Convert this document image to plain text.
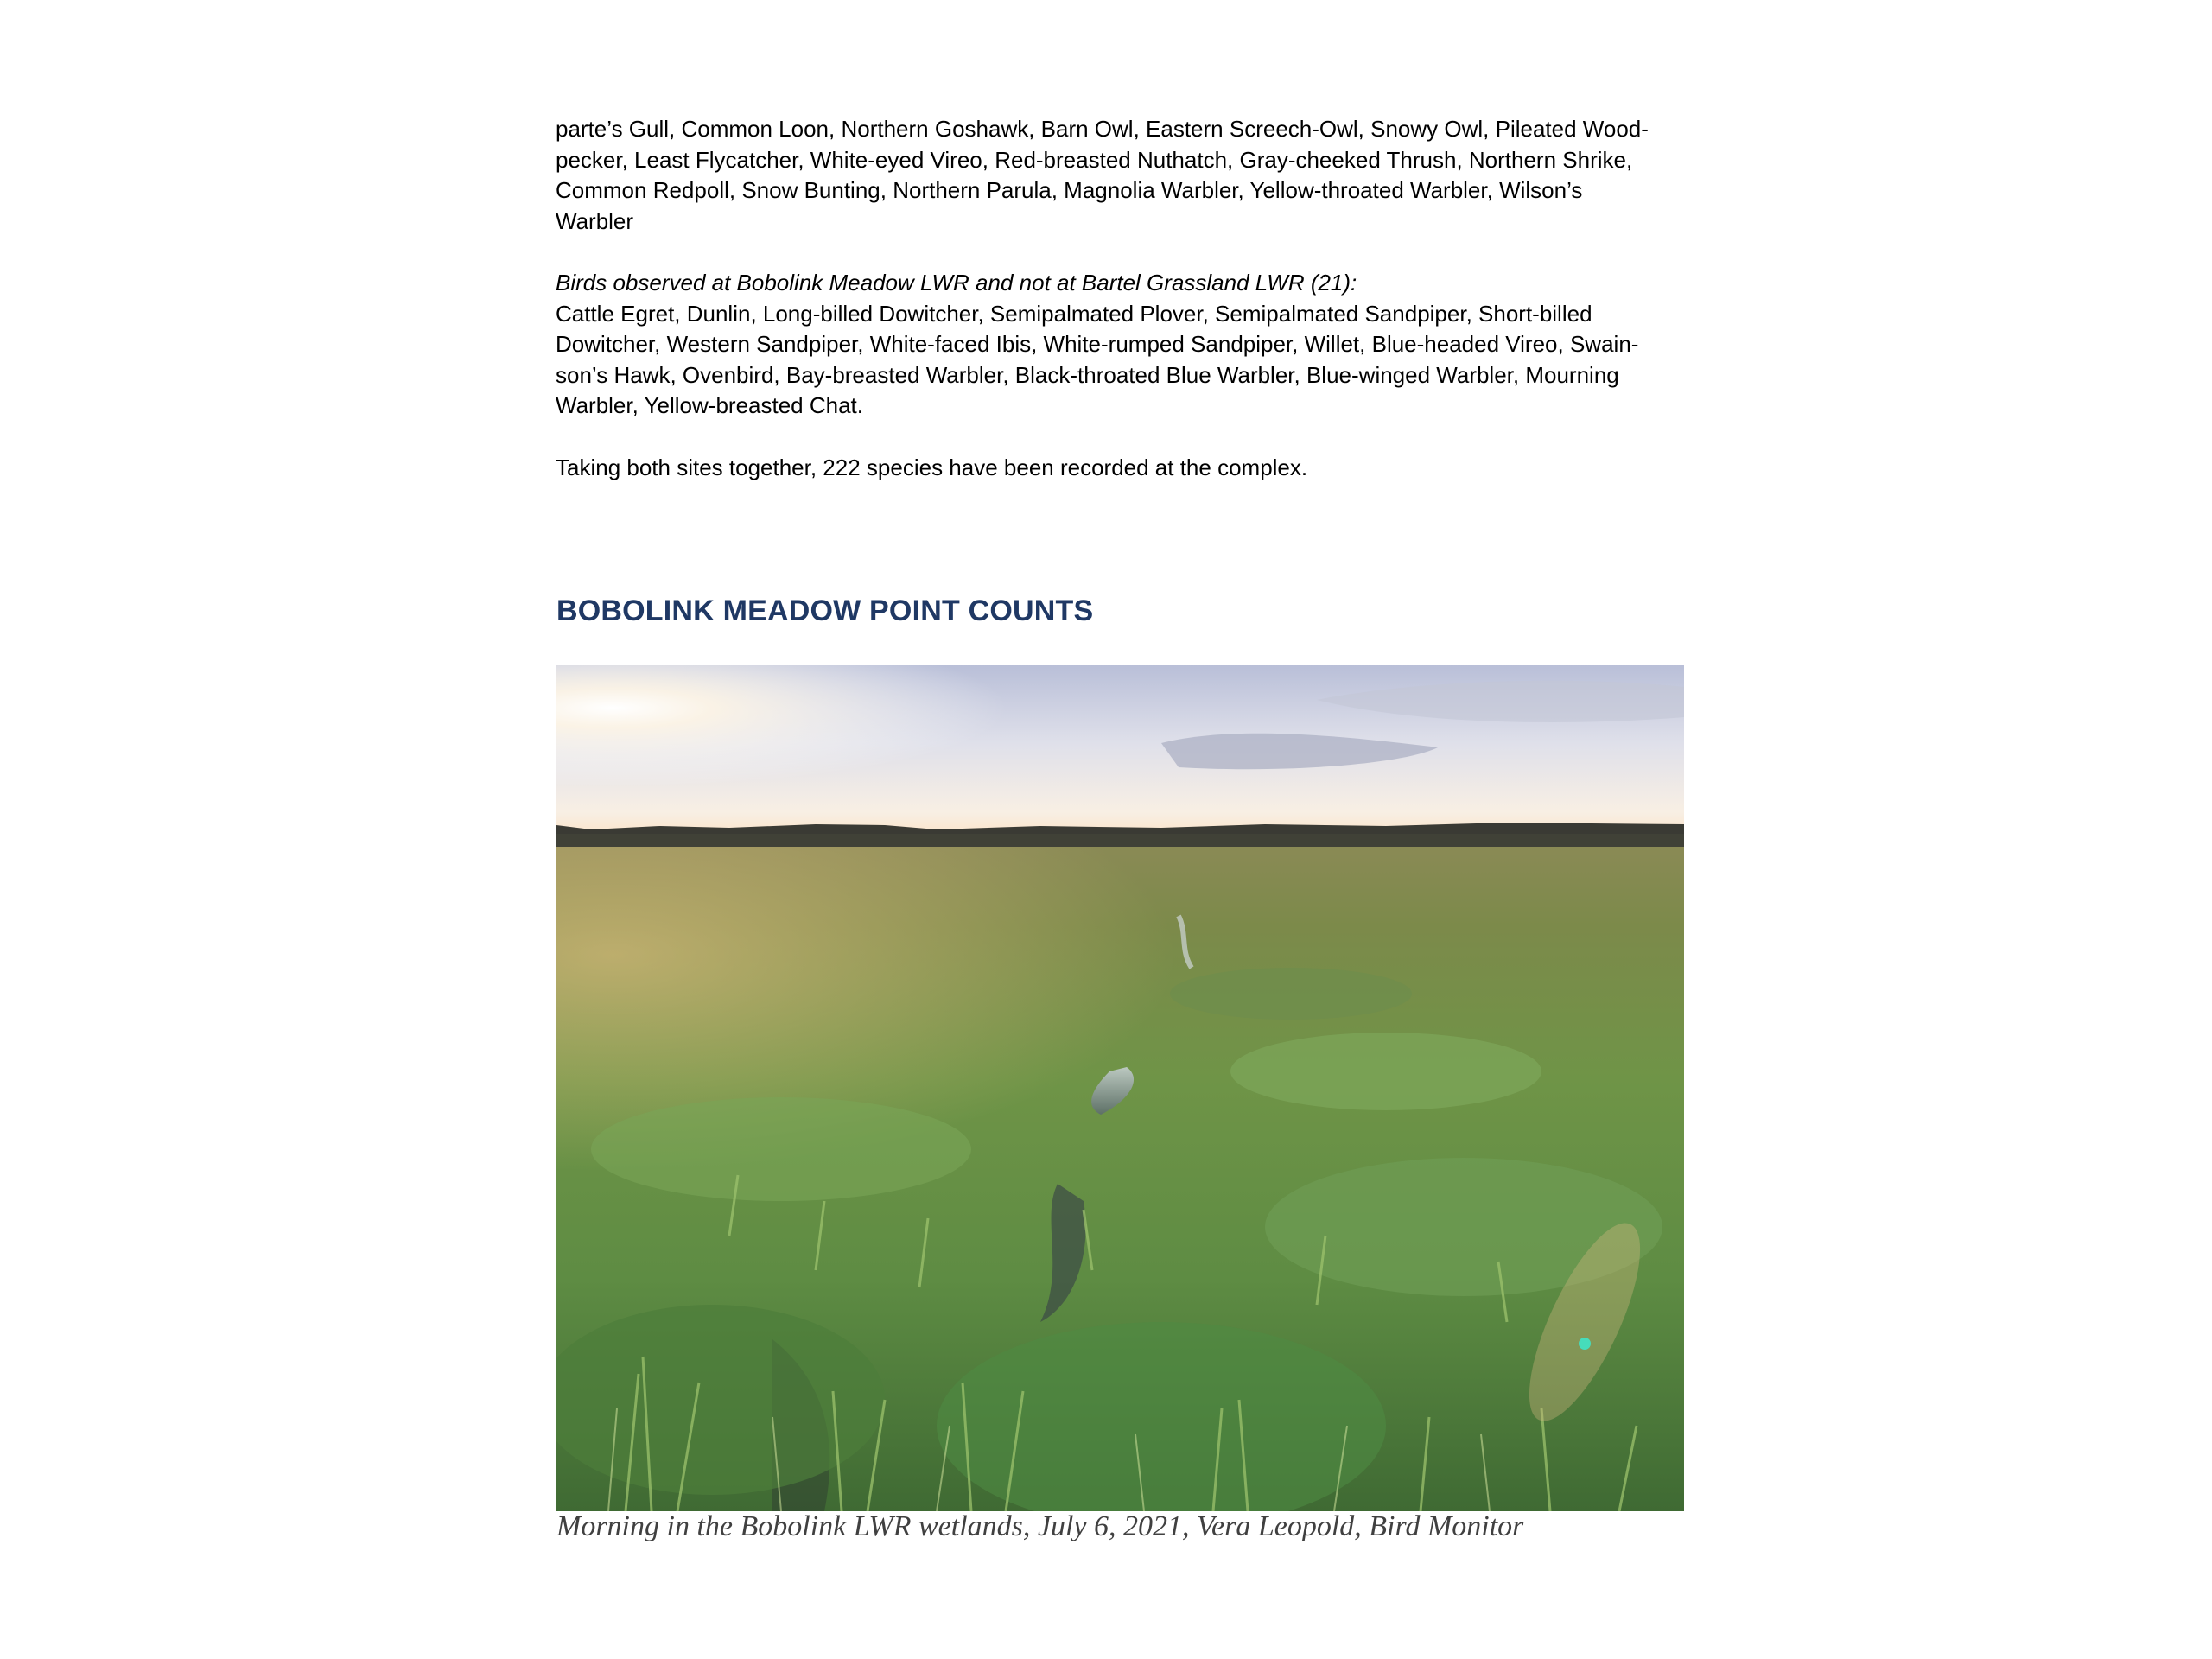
parte’s Gull, Common Loon, Northern Goshawk, Barn Owl, Eastern Screech-Owl, Snowy Owl, Pileated Wood-
pecker, Least Flycatcher, White-eyed Vireo, Red-breasted Nuthatch, Gray-cheeked Thrush, Northern Shrike,
Common Redpoll, Snow Bunting, Northern Parula, Magnolia Warbler, Yellow-throated Warbler, Wilson’s
Warbler
Birds observed at Bobolink Meadow LWR and not at Bartel Grassland LWR (21):
Cattle Egret, Dunlin, Long-billed Dowitcher, Semipalmated Plover, Semipalmated Sandpiper, Short-billed
Dowitcher, Western Sandpiper, White-faced Ibis, White-rumped Sandpiper, Willet, Blue-headed Vireo, Swain-
son’s Hawk, Ovenbird, Bay-breasted Warbler, Black-throated Blue Warbler, Blue-winged Warbler, Mourning
Warbler, Yellow-breasted Chat.
Taking both sites together, 222 species have been recorded at the complex.
BOBOLINK MEADOW POINT COUNTS
Morning in the Bobolink LWR wetlands, July 6, 2021, Vera Leopold, Bird Monitor
